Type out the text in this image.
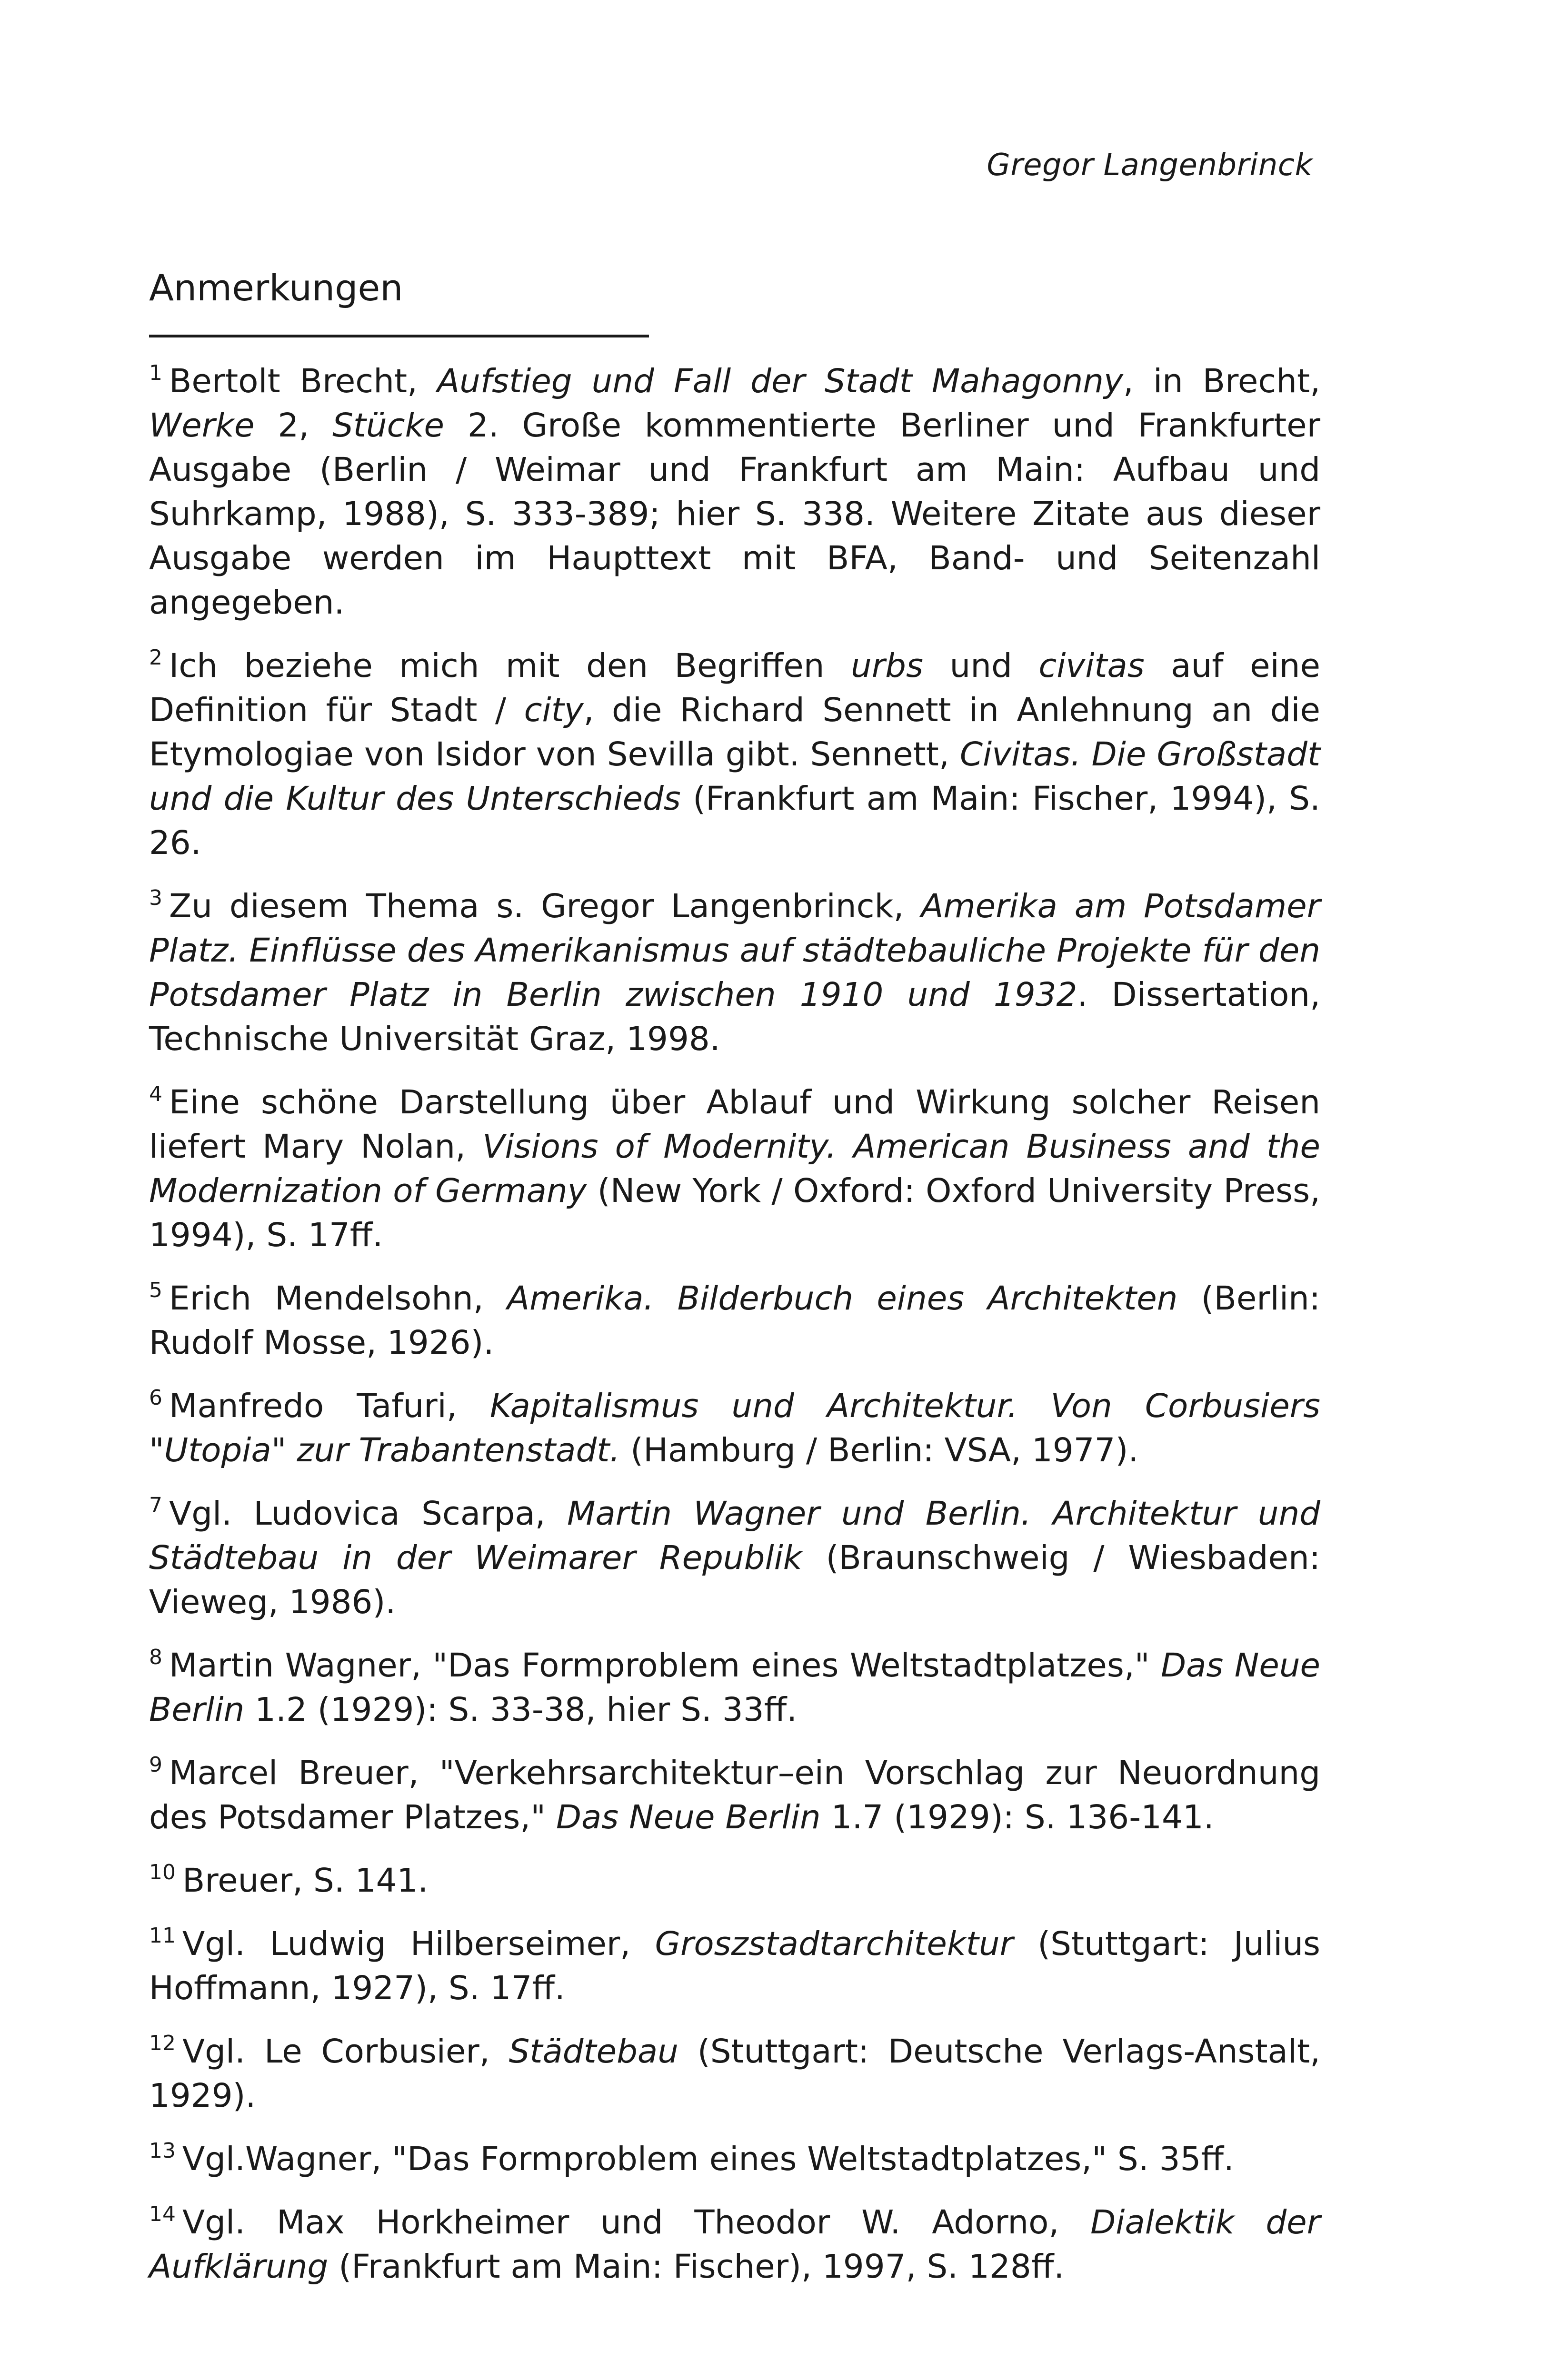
Gregor Langenbrinck
Anmerkungen

$^1$ Bertolt Brecht, Aufstieg und Fall der Stadt Mahagonny, in Brecht, Werke 2, Stücke 2. Große kommentierte Berliner und Frankfurter Ausgabe (Berlin / Weimar und Frankfurt am Main: Aufbau und Suhrkamp, 1988), S. 333-389; hier S. 338. Weitere Zitate aus dieser Ausgabe werden im Haupttext mit BFA, Band- und Seitenzahl angegeben.

$^2$ Ich beziehe mich mit den Begriffen urbs und civitas auf eine Definition für Stadt / city, die Richard Sennett in Anlehnung an die Etymologiae von Isidor von Sevilla gibt. Sennett, Civitas. Die Großstadt und die Kultur des Unterschieds (Frankfurt am Main: Fischer, 1994), S. 26.

$^3$ Zu diesem Thema s. Gregor Langenbrinck, Amerika am Potsdamer Platz. Einflüsse des Amerikanismus auf städtebauliche Projekte für den Potsdamer Platz in Berlin zwischen 1910 und 1932. Dissertation, Technische Universität Graz, 1998.

$^4$ Eine schöne Darstellung über Ablauf und Wirkung solcher Reisen liefert Mary Nolan, Visions of Modernity. American Business and the Modernization of Germany (New York / Oxford: Oxford University Press, 1994), S. 17ff.

$^5$ Erich Mendelsohn, Amerika. Bilderbuch eines Architekten (Berlin: Rudolf Mosse, 1926).

$^6$ Manfredo Tafuri, Kapitalismus und Architektur. Von Corbusiers "Utopia" zur Trabantenstadt. (Hamburg / Berlin: VSA, 1977).

$^7$ Vgl. Ludovica Scarpa, Martin Wagner und Berlin. Architektur und Städtebau in der Weimarer Republik (Braunschweig / Wiesbaden: Vieweg, 1986).

$^8$ Martin Wagner, "Das Formproblem eines Weltstadtplatzes," Das Neue Berlin 1.2 (1929): S. 33-38, hier S. 33ff.

$^9$ Marcel Breuer, "Verkehrsarchitektur–ein Vorschlag zur Neuordnung des Potsdamer Platzes," Das Neue Berlin 1.7 (1929): S. 136-141.

$^{10}$ Breuer, S. 141.

$^{11}$ Vgl. Ludwig Hilberseimer, Groszstadtarchitektur (Stuttgart: Julius Hoffmann, 1927), S. 17ff.

$^{12}$ Vgl. Le Corbusier, Städtebau (Stuttgart: Deutsche Verlags-Anstalt, 1929).

$^{13}$ Vgl.Wagner, "Das Formproblem eines Weltstadtplatzes," S. 35ff.

$^{14}$ Vgl. Max Horkheimer und Theodor W. Adorno, Dialektik der Aufklärung (Frankfurt am Main: Fischer), 1997, S. 128ff.
